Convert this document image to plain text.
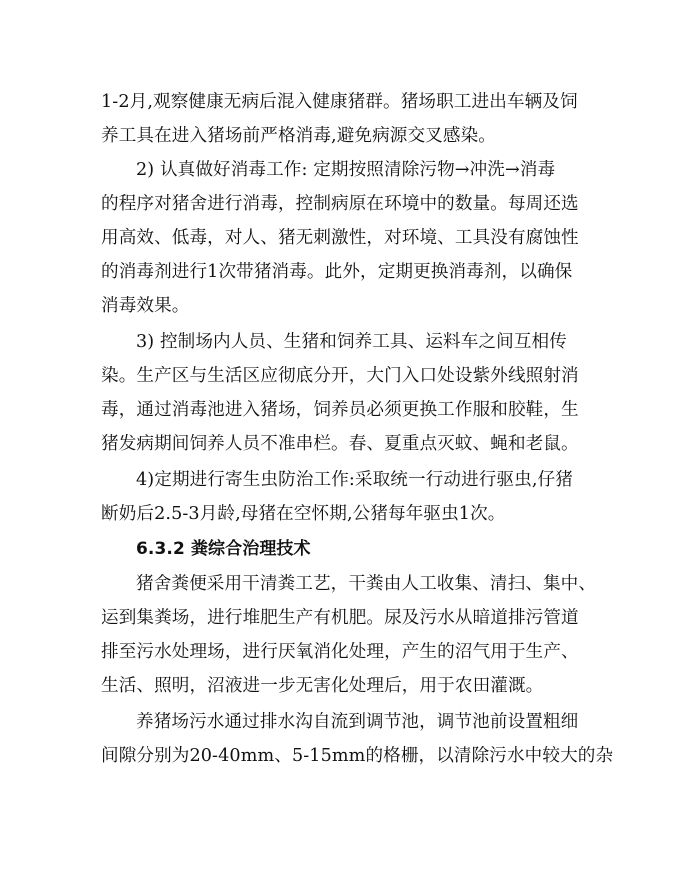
1-2月,观察健康无病后混入健康猪群。猪场职工进出车辆及饲
养工具在进入猪场前严格消毒,避免病源交叉感染。
2) 认真做好消毒工作: 定期按照清除污物→冲洗→消毒
的程序对猪舍进行消毒，控制病原在环境中的数量。每周还选
用高效、低毒，对人、猪无刺激性，对环境、工具没有腐蚀性
的消毒剂进行1次带猪消毒。此外，定期更换消毒剂，以确保
消毒效果。
3) 控制场内人员、生猪和饲养工具、运料车之间互相传
染。生产区与生活区应彻底分开，大门入口处设紫外线照射消
毒，通过消毒池进入猪场，饲养员必须更换工作服和胶鞋，生
猪发病期间饲养人员不准串栏。春、夏重点灭蚊、蝇和老鼠。
4)定期进行寄生虫防治工作:采取统一行动进行驱虫,仔猪
断奶后2.5-3月龄,母猪在空怀期,公猪每年驱虫1次。
6.3.2 粪综合治理技术
猪舍粪便采用干清粪工艺，干粪由人工收集、清扫、集中、
运到集粪场，进行堆肥生产有机肥。尿及污水从暗道排污管道
排至污水处理场，进行厌氧消化处理，产生的沼气用于生产、
生活、照明，沼液进一步无害化处理后，用于农田灌溉。
养猪场污水通过排水沟自流到调节池，调节池前设置粗细
间隙分别为20-40mm、5-15mm的格栅，以清除污水中较大的杂
